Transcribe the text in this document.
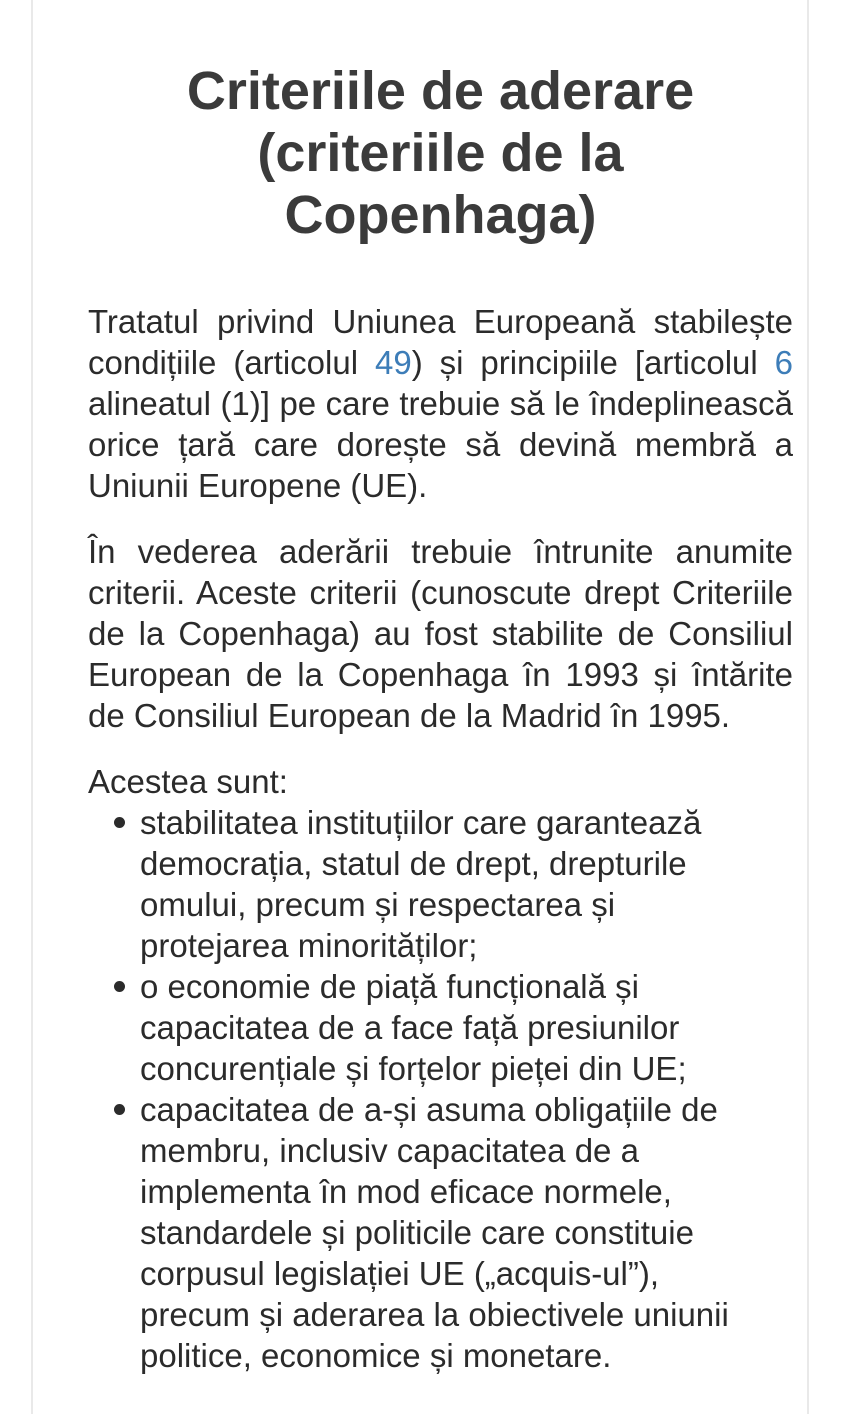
Criteriile de aderare (criteriile de la Copenhaga)

Tratatul privind Uniunea Europeană stabilește condițiile (articolul 49) și principiile [articolul 6 alineatul (1)] pe care trebuie să le îndeplinească orice țară care dorește să devină membră a Uniunii Europene (UE).

În vederea aderării trebuie întrunite anumite criterii. Aceste criterii (cunoscute drept Criteriile de la Copenhaga) au fost stabilite de Consiliul European de la Copenhaga în 1993 și întărite de Consiliul European de la Madrid în 1995.

Acestea sunt:

stabilitatea instituțiilor care garantează democrația, statul de drept, drepturile omului, precum și respectarea și protejarea minorităților;
o economie de piață funcțională și capacitatea de a face față presiunilor concurențiale și forțelor pieței din UE;
capacitatea de a-și asuma obligațiile de membru, inclusiv capacitatea de a implementa în mod eficace normele, standardele și politicile care constituie corpusul legislației UE („acquis-ul”), precum și aderarea la obiectivele uniunii politice, economice și monetare.
